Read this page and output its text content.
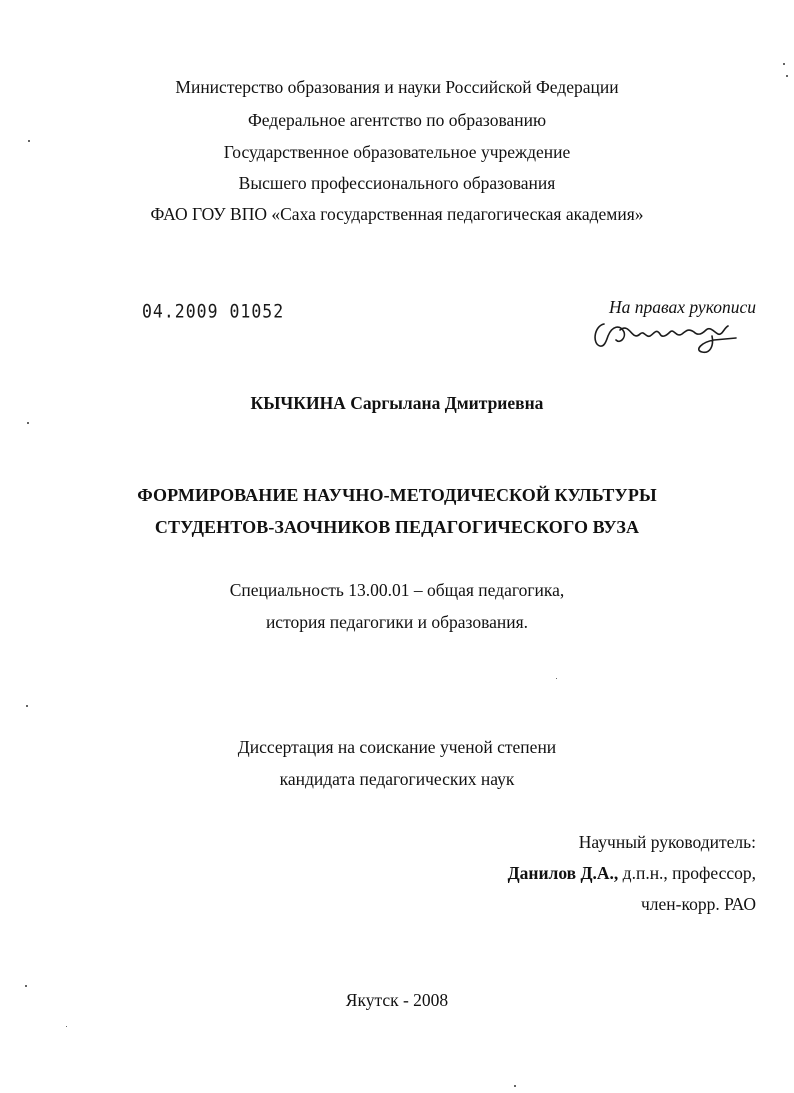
Министерство образования и науки Российской Федерации
Федеральное агентство по образованию
Государственное образовательное учреждение
Высшего профессионального образования
ФАО ГОУ ВПО «Саха государственная педагогическая академия»
04.2009 01052	На правах рукописи
КЫЧКИНА Саргылана Дмитриевна
ФОРМИРОВАНИЕ НАУЧНО-МЕТОДИЧЕСКОЙ КУЛЬТУРЫ
СТУДЕНТОВ-ЗАОЧНИКОВ ПЕДАГОГИЧЕСКОГО ВУЗА
Специальность 13.00.01 – общая педагогика,
история педагогики и образования.
Диссертация на соискание ученой степени
кандидата педагогических наук
Научный руководитель:
Данилов Д.А., д.п.н., профессор,
член-корр. РАО
Якутск - 2008
